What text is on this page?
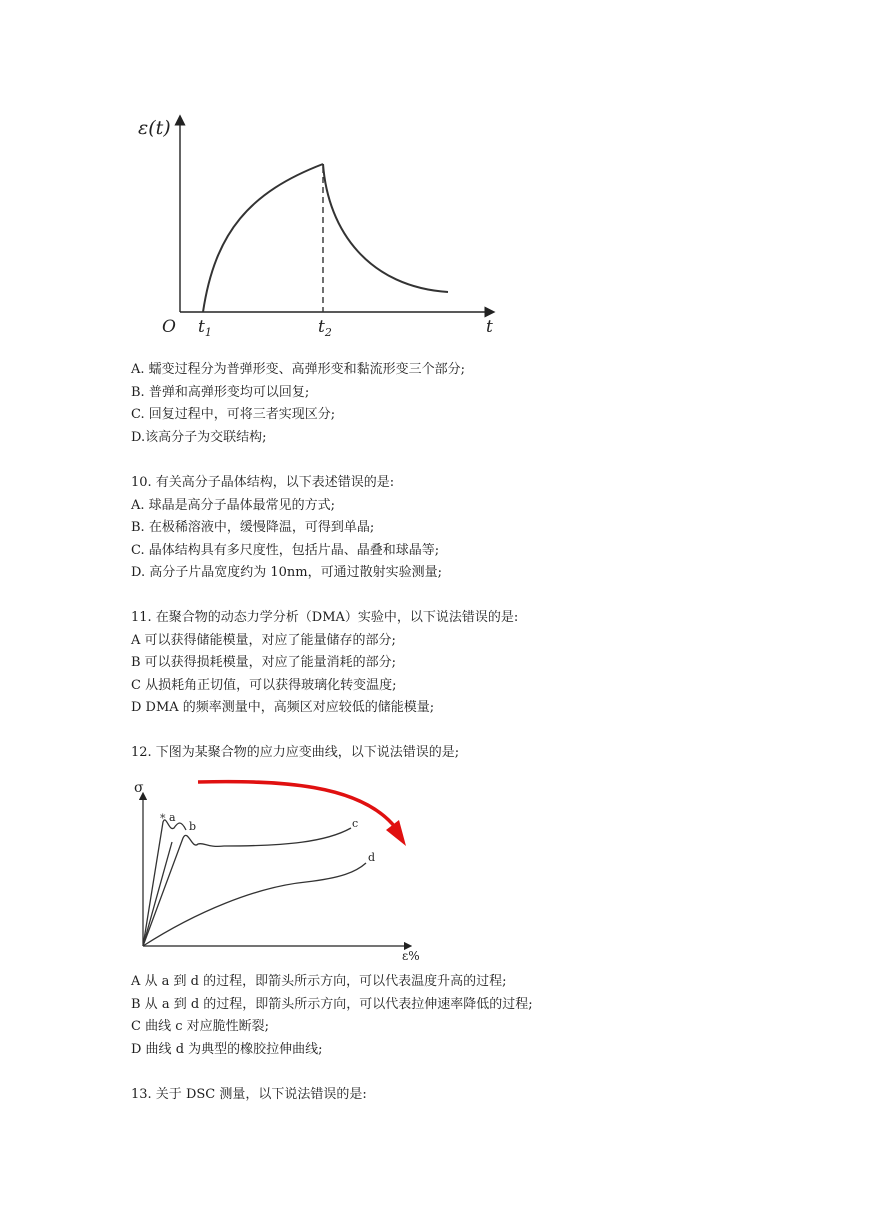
ε(t)
O $t_1$	$t_2$	t
A. 蠕变过程分为普弹形变、高弹形变和黏流形变三个部分;
B. 普弹和高弹形变均可以回复;
C. 回复过程中，可将三者实现区分;
D.该高分子为交联结构;
10. 有关高分子晶体结构，以下表述错误的是:
A. 球晶是高分子晶体最常见的方式;
B. 在极稀溶液中，缓慢降温，可得到单晶;
C. 晶体结构具有多尺度性，包括片晶、晶叠和球晶等;
D. 高分子片晶宽度约为 10nm，可通过散射实验测量;
11. 在聚合物的动态力学分析（DMA）实验中，以下说法错误的是:
A 可以获得储能模量，对应了能量储存的部分;
B 可以获得损耗模量，对应了能量消耗的部分;
C 从损耗角正切值，可以获得玻璃化转变温度;
D DMA 的频率测量中，高频区对应较低的储能模量;
12. 下图为某聚合物的应力应变曲线，以下说法错误的是;
*
σ
a
b	c
d
ε%
A 从 a 到 d 的过程，即箭头所示方向，可以代表温度升高的过程;
B 从 a 到 d 的过程，即箭头所示方向，可以代表拉伸速率降低的过程;
C 曲线 c 对应脆性断裂;
D 曲线 d 为典型的橡胶拉伸曲线;
13. 关于 DSC 测量，以下说法错误的是:
